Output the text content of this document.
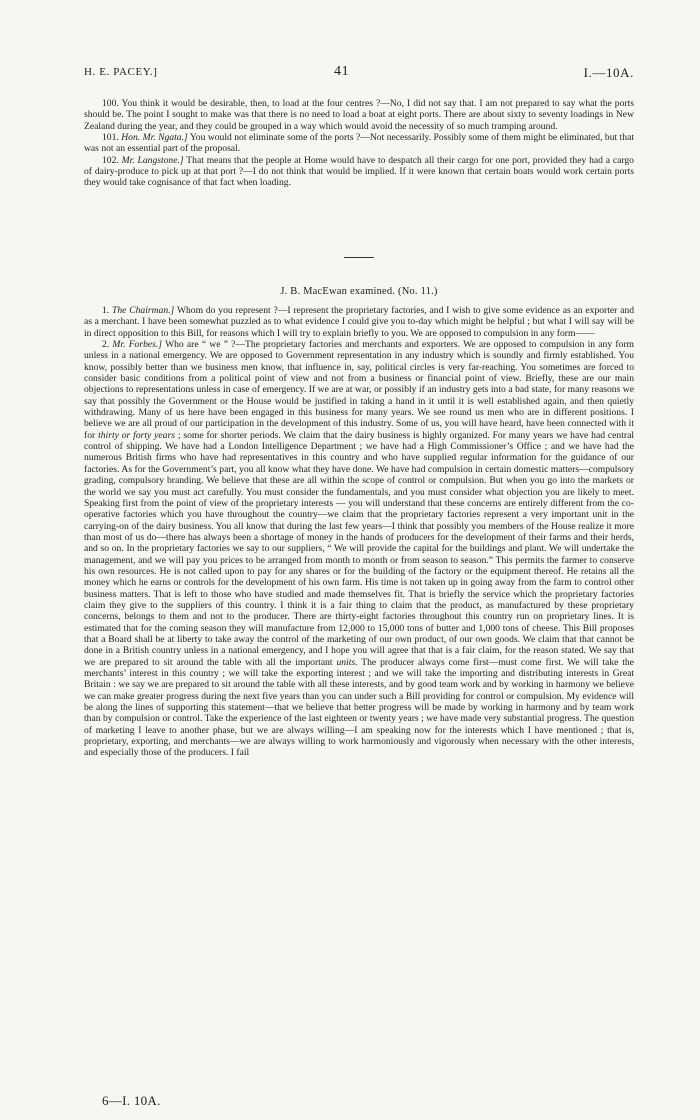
H. E. PACEY.]	41	I.—10A.

100. You think it would be desirable, then, to load at the four centres ?—No, I did not say that. I am not prepared to say what the ports should be. The point I sought to make was that there is no need to load a boat at eight ports. There are about sixty to seventy loadings in New Zealand during the year, and they could be grouped in a way which would avoid the necessity of so much tramping around.

101. Hon. Mr. Ngata.] You would not eliminate some of the ports ?—Not necessarily. Possibly some of them might be eliminated, but that was not an essential part of the proposal.

102. Mr. Langstone.] That means that the people at Home would have to despatch all their cargo for one port, provided they had a cargo of dairy-produce to pick up at that port ?—I do not think that would be implied. If it were known that certain boats would work certain ports they would take cognisance of that fact when loading.

J. B. MacEwan examined. (No. 11.)

1. The Chairman.] Whom do you represent ?—I represent the proprietary factories, and I wish to give some evidence as an exporter and as a merchant. I have been somewhat puzzled as to what evidence I could give you to-day which might be helpful ; but what I will say will be in direct opposition to this Bill, for reasons which I will try to explain briefly to you. We are opposed to compulsion in any form——

2. Mr. Forbes.] Who are “ we ” ?—The proprietary factories and merchants and exporters. We are opposed to compulsion in any form unless in a national emergency. We are opposed to Government representation in any industry which is soundly and firmly established. You know, possibly better than we business men know, that influence in, say, political circles is very far-reaching. You sometimes are forced to consider basic conditions from a political point of view and not from a business or financial point of view. Briefly, these are our main objections to representations unless in case of emergency. If we are at war, or possibly if an industry gets into a bad state, for many reasons we say that possibly the Government or the House would be justified in taking a hand in it until it is well established again, and then quietly withdrawing. Many of us here have been engaged in this business for many years. We see round us men who are in different positions. I believe we are all proud of our participation in the development of this industry. Some of us, you will have heard, have been connected with it for thirty or forty years ; some for shorter periods. We claim that the dairy business is highly organized. For many years we have had central control of shipping. We have had a London Intelligence Department ; we have had a High Commissioner’s Office ; and we have had the numerous British firms who have had representatives in this country and who have supplied regular information for the guidance of our factories. As for the Government’s part, you all know what they have done. We have had compulsion in certain domestic matters—compulsory grading, compulsory branding. We believe that these are all within the scope of control or compulsion. But when you go into the markets or the world we say you must act carefully. You must consider the fundamentals, and you must consider what objection you are likely to meet. Speaking first from the point of view of the proprietary interests — you will understand that these concerns are entirely different from the co-operative factories which you have throughout the country—we claim that the proprietary factories represent a very important unit in the carrying-on of the dairy business. You all know that during the last few years—I think that possibly you members of the House realize it more than most of us do—there has always been a shortage of money in the hands of producers for the development of their farms and their herds, and so on. In the proprietary factories we say to our suppliers, “ We will provide the capital for the buildings and plant. We will undertake the management, and we will pay you prices to be arranged from month to month or from season to season.” This permits the farmer to conserve his own resources. He is not called upon to pay for any shares or for the building of the factory or the equipment thereof. He retains all the money which he earns or controls for the development of his own farm. His time is not taken up in going away from the farm to control other business matters. That is left to those who have studied and made themselves fit. That is briefly the service which the proprietary factories claim they give to the suppliers of this country. I think it is a fair thing to claim that the product, as manufactured by these proprietary concerns, belongs to them and not to the producer. There are thirty-eight factories throughout this country run on proprietary lines. It is estimated that for the coming season they will manufacture from 12,000 to 15,000 tons of butter and 1,000 tons of cheese. This Bill proposes that a Board shall be at liberty to take away the control of the marketing of our own product, of our own goods. We claim that that cannot be done in a British country unless in a national emergency, and I hope you will agree that that is a fair claim, for the reason stated. We say that we are prepared to sit around the table with all the important units. The producer always come first—must come first. We will take the merchants’ interest in this country ; we will take the exporting interest ; and we will take the importing and distributing interests in Great Britain : we say we are prepared to sit around the table with all these interests, and by good team work and by working in harmony we believe we can make greater progress during the next five years than you can under such a Bill providing for control or compulsion. My evidence will be along the lines of supporting this statement—that we believe that better progress will be made by working in harmony and by team work than by compulsion or control. Take the experience of the last eighteen or twenty years ; we have made very substantial progress. The question of marketing I leave to another phase, but we are always willing—I am speaking now for the interests which I have mentioned ; that is, proprietary, exporting, and merchants—we are always willing to work harmoniously and vigorously when necessary with the other interests, and especially those of the producers. I fail

6—I. 10A.
